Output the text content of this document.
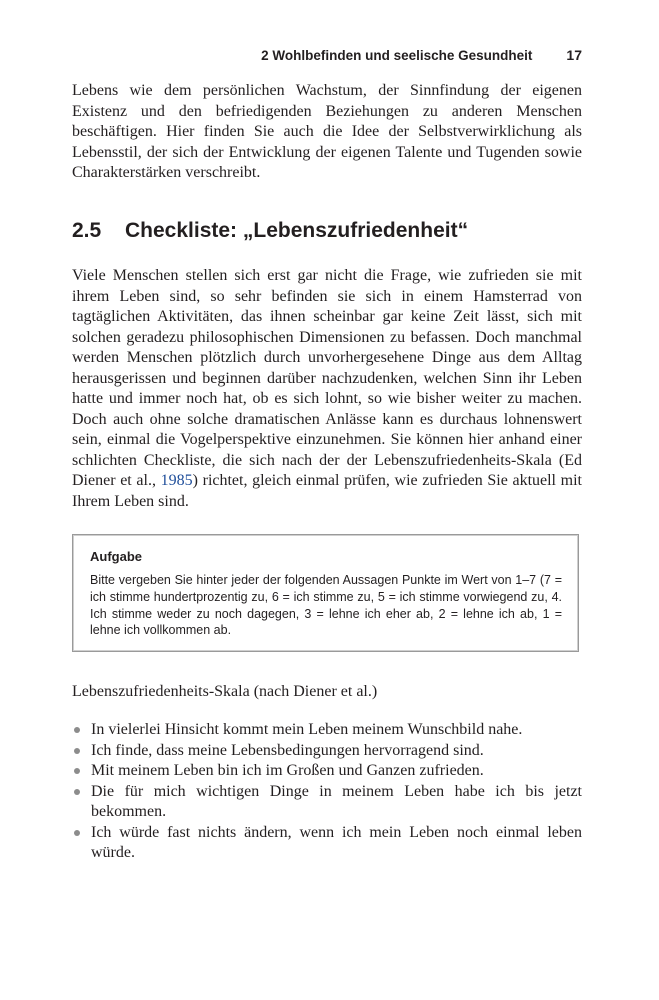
2 Wohlbefinden und seelische Gesundheit 17

Lebens wie dem persönlichen Wachstum, der Sinnfindung der eigenen Existenz und den befriedigenden Beziehungen zu anderen Menschen beschäftigen. Hier finden Sie auch die Idee der Selbstverwirklichung als Lebensstil, der sich der Entwicklung der eigenen Talente und Tugenden sowie Charakterstärken verschreibt.

2.5 Checkliste: „Lebenszufriedenheit“

Viele Menschen stellen sich erst gar nicht die Frage, wie zufrieden sie mit ihrem Leben sind, so sehr befinden sie sich in einem Hamsterrad von tagtäglichen Aktivitäten, das ihnen scheinbar gar keine Zeit lässt, sich mit solchen geradezu philosophischen Dimensionen zu befassen. Doch manchmal werden Menschen plötzlich durch unvorhergesehene Dinge aus dem Alltag herausgerissen und beginnen darüber nachzudenken, welchen Sinn ihr Leben hatte und immer noch hat, ob es sich lohnt, so wie bisher weiter zu machen. Doch auch ohne solche dramatischen Anlässe kann es durchaus lohnenswert sein, einmal die Vogelperspektive einzunehmen. Sie können hier anhand einer schlichten Checkliste, die sich nach der der Lebenszufriedenheits-Skala (Ed Diener et al., 1985) richtet, gleich einmal prüfen, wie zufrieden Sie aktuell mit Ihrem Leben sind.

Aufgabe

Bitte vergeben Sie hinter jeder der folgenden Aussagen Punkte im Wert von 1–7 (7 = ich stimme hundertprozentig zu, 6 = ich stimme zu, 5 = ich stimme vorwiegend zu, 4. Ich stimme weder zu noch dagegen, 3 = lehne ich eher ab, 2 = lehne ich ab, 1 = lehne ich vollkommen ab.

Lebenszufriedenheits-Skala (nach Diener et al.)

In vielerlei Hinsicht kommt mein Leben meinem Wunschbild nahe.
Ich finde, dass meine Lebensbedingungen hervorragend sind.
Mit meinem Leben bin ich im Großen und Ganzen zufrieden.
Die für mich wichtigen Dinge in meinem Leben habe ich bis jetzt bekommen.
Ich würde fast nichts ändern, wenn ich mein Leben noch einmal leben würde.
